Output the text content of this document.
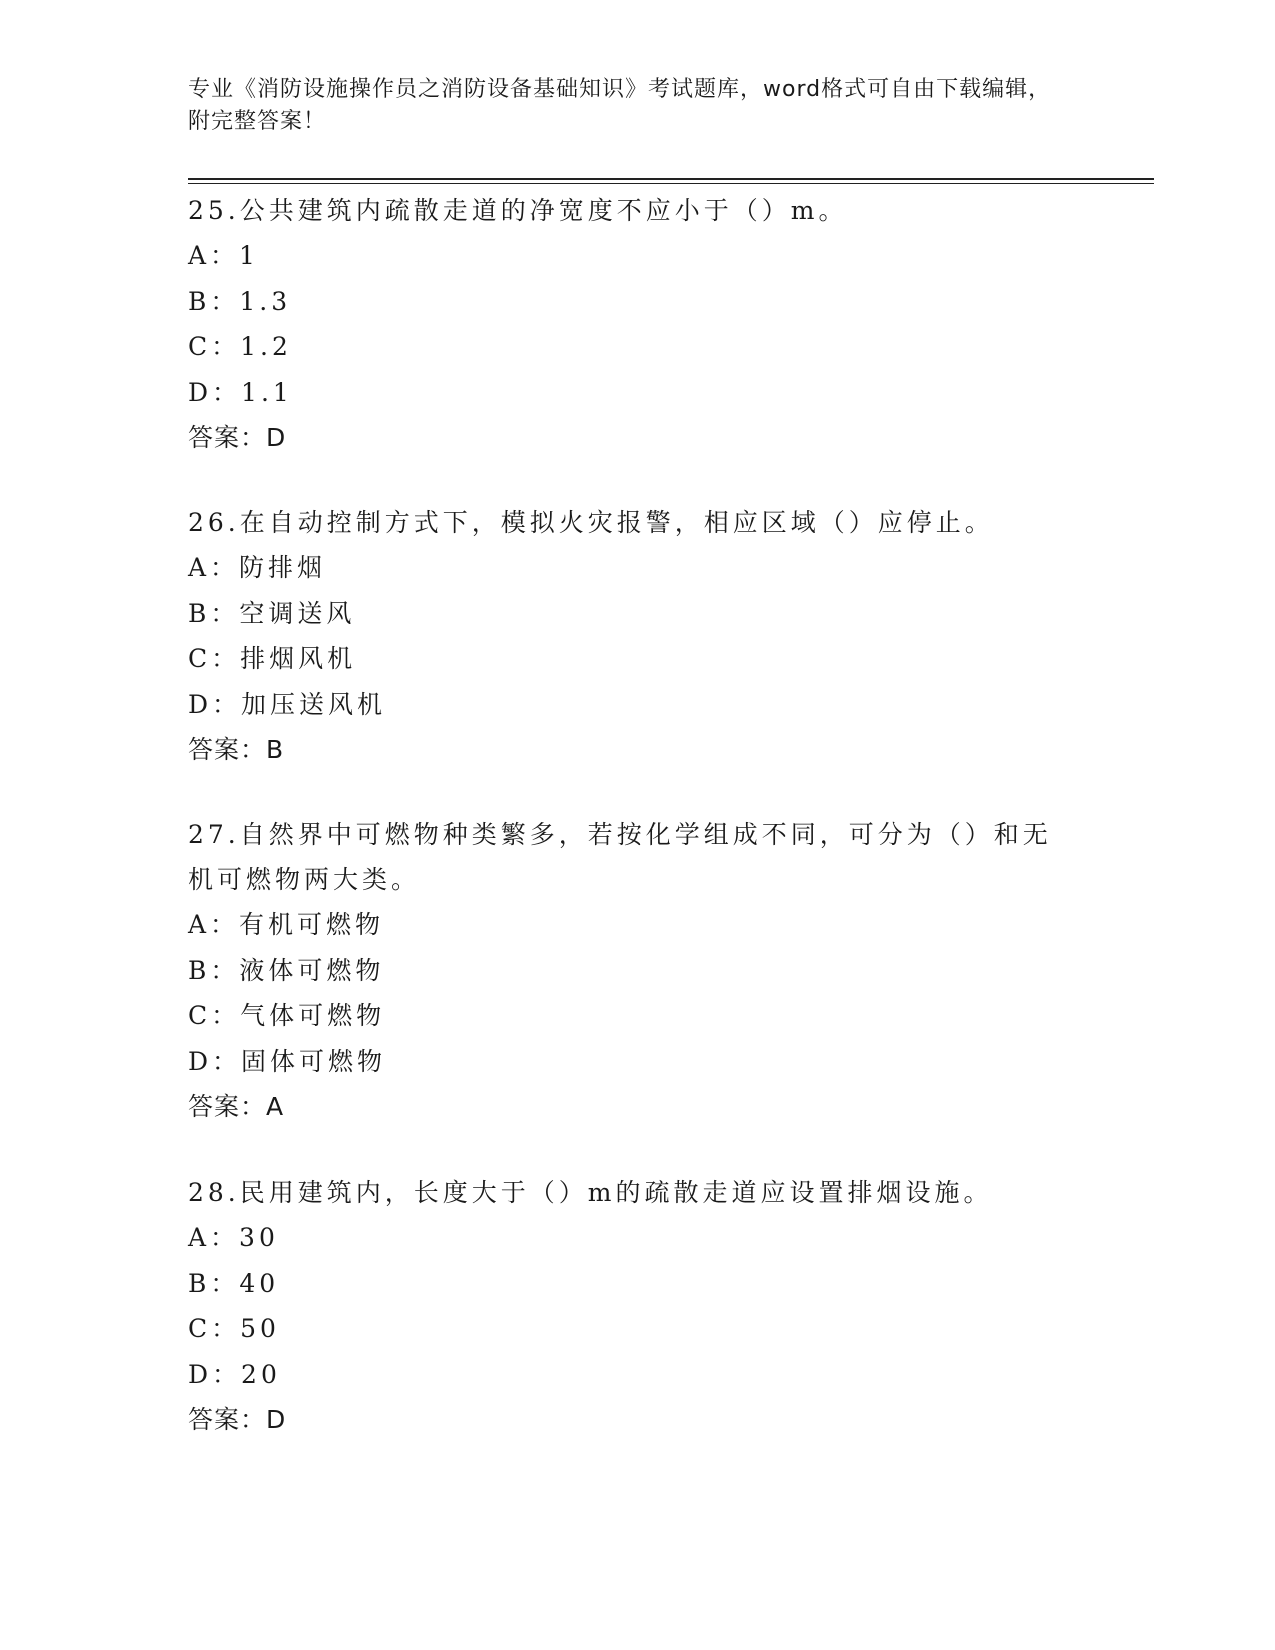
专业《消防设施操作员之消防设备基础知识》考试题库，word格式可自由下载编辑，附完整答案！

25.公共建筑内疏散走道的净宽度不应小于（）m。

A：1

B：1.3

C：1.2

D：1.1

答案：D

26.在自动控制方式下，模拟火灾报警，相应区域（）应停止。

A：防排烟

B：空调送风

C：排烟风机

D：加压送风机

答案：B

27.自然界中可燃物种类繁多，若按化学组成不同，可分为（）和无机可燃物两大类。

A：有机可燃物

B：液体可燃物

C：气体可燃物

D：固体可燃物

答案：A

28.民用建筑内，长度大于（）m的疏散走道应设置排烟设施。

A：30

B：40

C：50

D：20

答案：D
